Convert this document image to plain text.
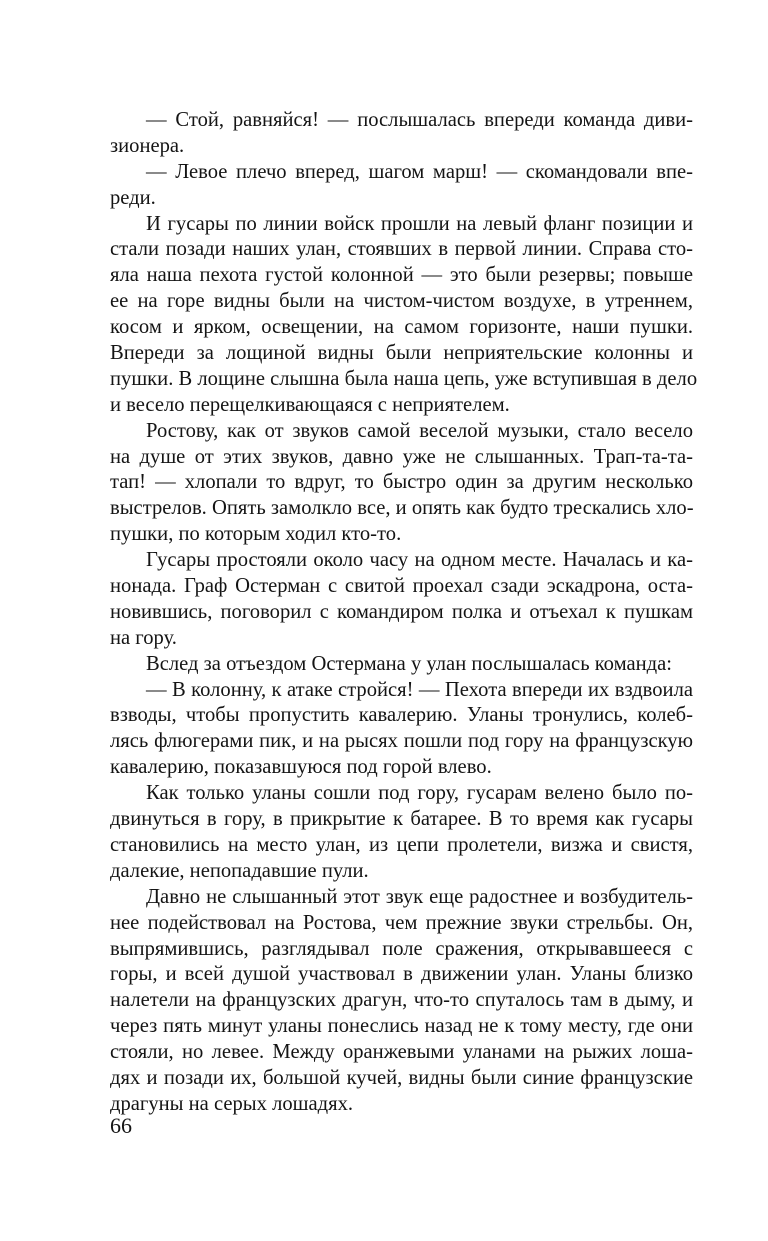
— Стой, равняйся! — послышалась впереди команда диви-
зионера.
— Левое плечо вперед, шагом марш! — скомандовали впе-
реди.
И гусары по линии войск прошли на левый фланг позиции и
стали позади наших улан, стоявших в первой линии. Справа сто-
яла наша пехота густой колонной — это были резервы; повыше
ее на горе видны были на чистом-чистом воздухе, в утреннем,
косом и ярком, освещении, на самом горизонте, наши пушки.
Впереди за лощиной видны были неприятельские колонны и
пушки. В лощине слышна была наша цепь, уже вступившая в дело
и весело перещелкивающаяся с неприятелем.
Ростову, как от звуков самой веселой музыки, стало весело
на душе от этих звуков, давно уже не слышанных. Трап-та-та-
тап! — хлопали то вдруг, то быстро один за другим несколько
выстрелов. Опять замолкло все, и опять как будто трескались хло-
пушки, по которым ходил кто-то.
Гусары простояли около часу на одном месте. Началась и ка-
нонада. Граф Остерман с свитой проехал сзади эскадрона, оста-
новившись, поговорил с командиром полка и отъехал к пушкам
на гору.
Вслед за отъездом Остермана у улан послышалась команда:
— В колонну, к атаке стройся! — Пехота впереди их вздвоила
взводы, чтобы пропустить кавалерию. Уланы тронулись, колеб-
лясь флюгерами пик, и на рысях пошли под гору на французскую
кавалерию, показавшуюся под горой влево.
Как только уланы сошли под гору, гусарам велено было по-
двинуться в гору, в прикрытие к батарее. В то время как гусары
становились на место улан, из цепи пролетели, визжа и свистя,
далекие, непопадавшие пули.
Давно не слышанный этот звук еще радостнее и возбудитель-
нее подействовал на Ростова, чем прежние звуки стрельбы. Он,
выпрямившись, разглядывал поле сражения, открывавшееся с
горы, и всей душой участвовал в движении улан. Уланы близко
налетели на французских драгун, что-то спуталось там в дыму, и
через пять минут уланы понеслись назад не к тому месту, где они
стояли, но левее. Между оранжевыми уланами на рыжих лоша-
дях и позади их, большой кучей, видны были синие французские
драгуны на серых лошадях.
66
